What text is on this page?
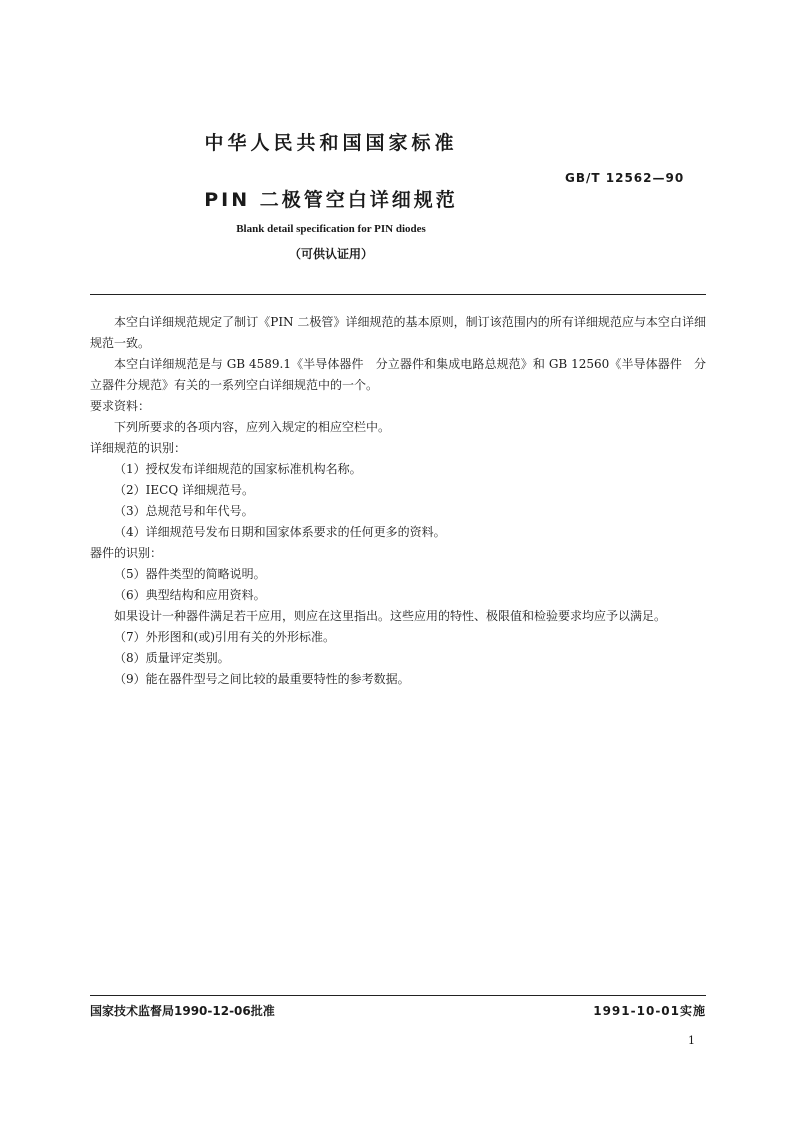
中华人民共和国国家标准
GB/T 12562—90
PIN 二极管空白详细规范
Blank detail specification for PIN diodes
（可供认证用）

本空白详细规范规定了制订《PIN 二极管》详细规范的基本原则，制订该范围内的所有详细规范应与本空白详细规范一致。

本空白详细规范是与 GB 4589.1《半导体器件　分立器件和集成电路总规范》和 GB 12560《半导体器件　分立器件分规范》有关的一系列空白详细规范中的一个。

要求资料：

下列所要求的各项内容，应列入规定的相应空栏中。

详细规范的识别：

（1）授权发布详细规范的国家标准机构名称。

（2）IECQ 详细规范号。

（3）总规范号和年代号。

（4）详细规范号发布日期和国家体系要求的任何更多的资料。

器件的识别：

（5）器件类型的简略说明。

（6）典型结构和应用资料。

如果设计一种器件满足若干应用，则应在这里指出。这些应用的特性、极限值和检验要求均应予以满足。

（7）外形图和(或)引用有关的外形标准。

（8）质量评定类别。

（9）能在器件型号之间比较的最重要特性的参考数据。

国家技术监督局1990-12-06批准	1991-10-01实施
1
